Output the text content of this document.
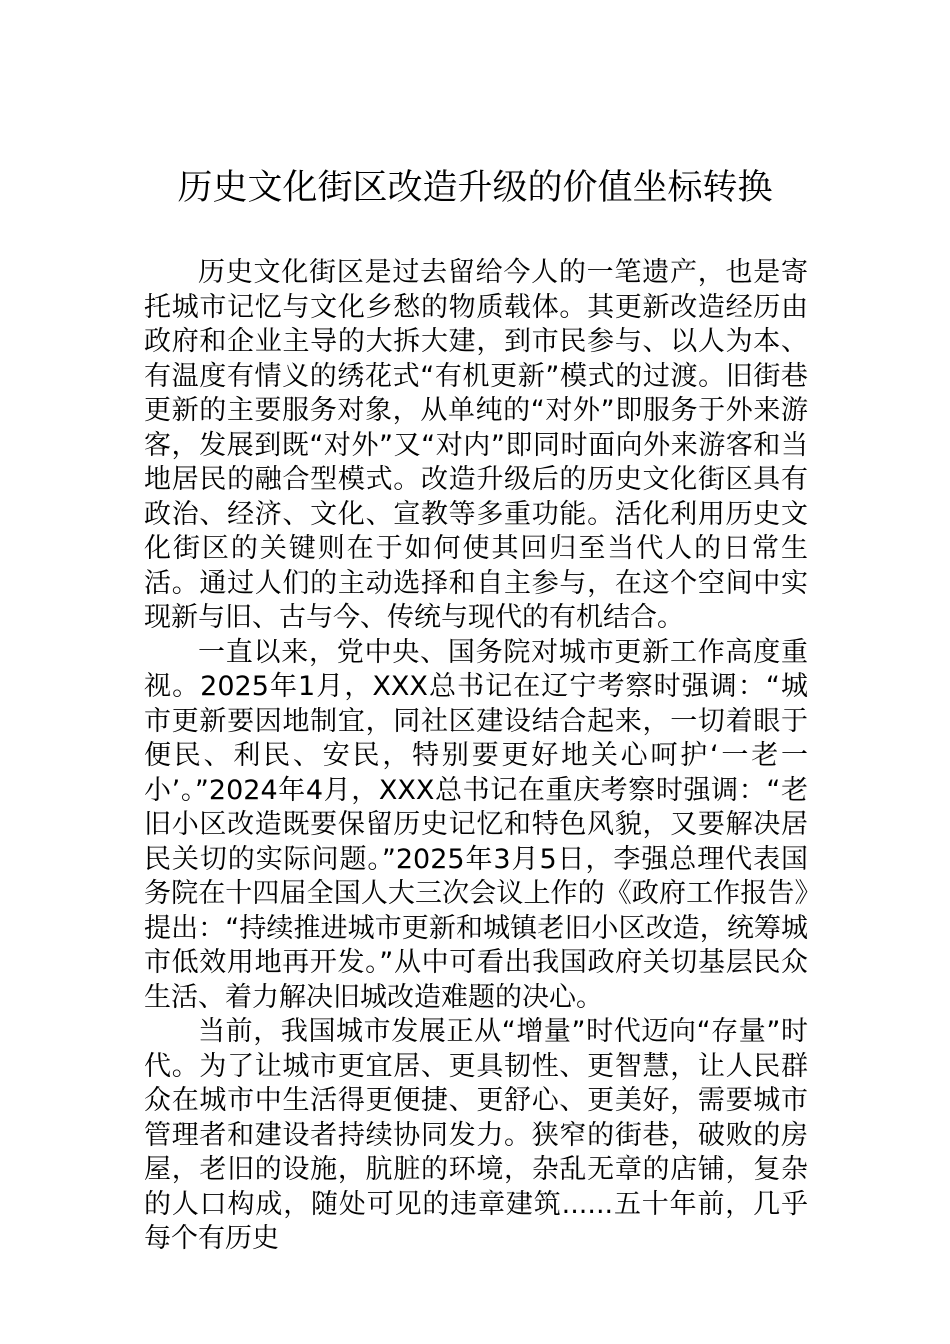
历史文化街区改造升级的价值坐标转换

历史文化街区是过去留给今人的一笔遗产，也是寄托城市记忆与文化乡愁的物质载体。其更新改造经历由政府和企业主导的大拆大建，到市民参与、以人为本、有温度有情义的绣花式“有机更新”模式的过渡。旧街巷更新的主要服务对象，从单纯的“对外”即服务于外来游客，发展到既“对外”又“对内”即同时面向外来游客和当地居民的融合型模式。改造升级后的历史文化街区具有政治、经济、文化、宣教等多重功能。活化利用历史文化街区的关键则在于如何使其回归至当代人的日常生活。通过人们的主动选择和自主参与，在这个空间中实现新与旧、古与今、传统与现代的有机结合。

一直以来，党中央、国务院对城市更新工作高度重视。2025年1月，XXX总书记在辽宁考察时强调：“城市更新要因地制宜，同社区建设结合起来，一切着眼于便民、利民、安民，特别要更好地关心呵护‘一老一小’。”2024年4月，XXX总书记在重庆考察时强调：“老旧小区改造既要保留历史记忆和特色风貌，又要解决居民关切的实际问题。”2025年3月5日，李强总理代表国务院在十四届全国人大三次会议上作的《政府工作报告》提出：“持续推进城市更新和城镇老旧小区改造，统筹城市低效用地再开发。”从中可看出我国政府关切基层民众生活、着力解决旧城改造难题的决心。

当前，我国城市发展正从“增量”时代迈向“存量”时代。为了让城市更宜居、更具韧性、更智慧，让人民群众在城市中生活得更便捷、更舒心、更美好，需要城市管理者和建设者持续协同发力。狭窄的街巷，破败的房屋，老旧的设施，肮脏的环境，杂乱无章的店铺，复杂的人口构成，随处可见的违章建筑......五十年前，几乎每个有历史
